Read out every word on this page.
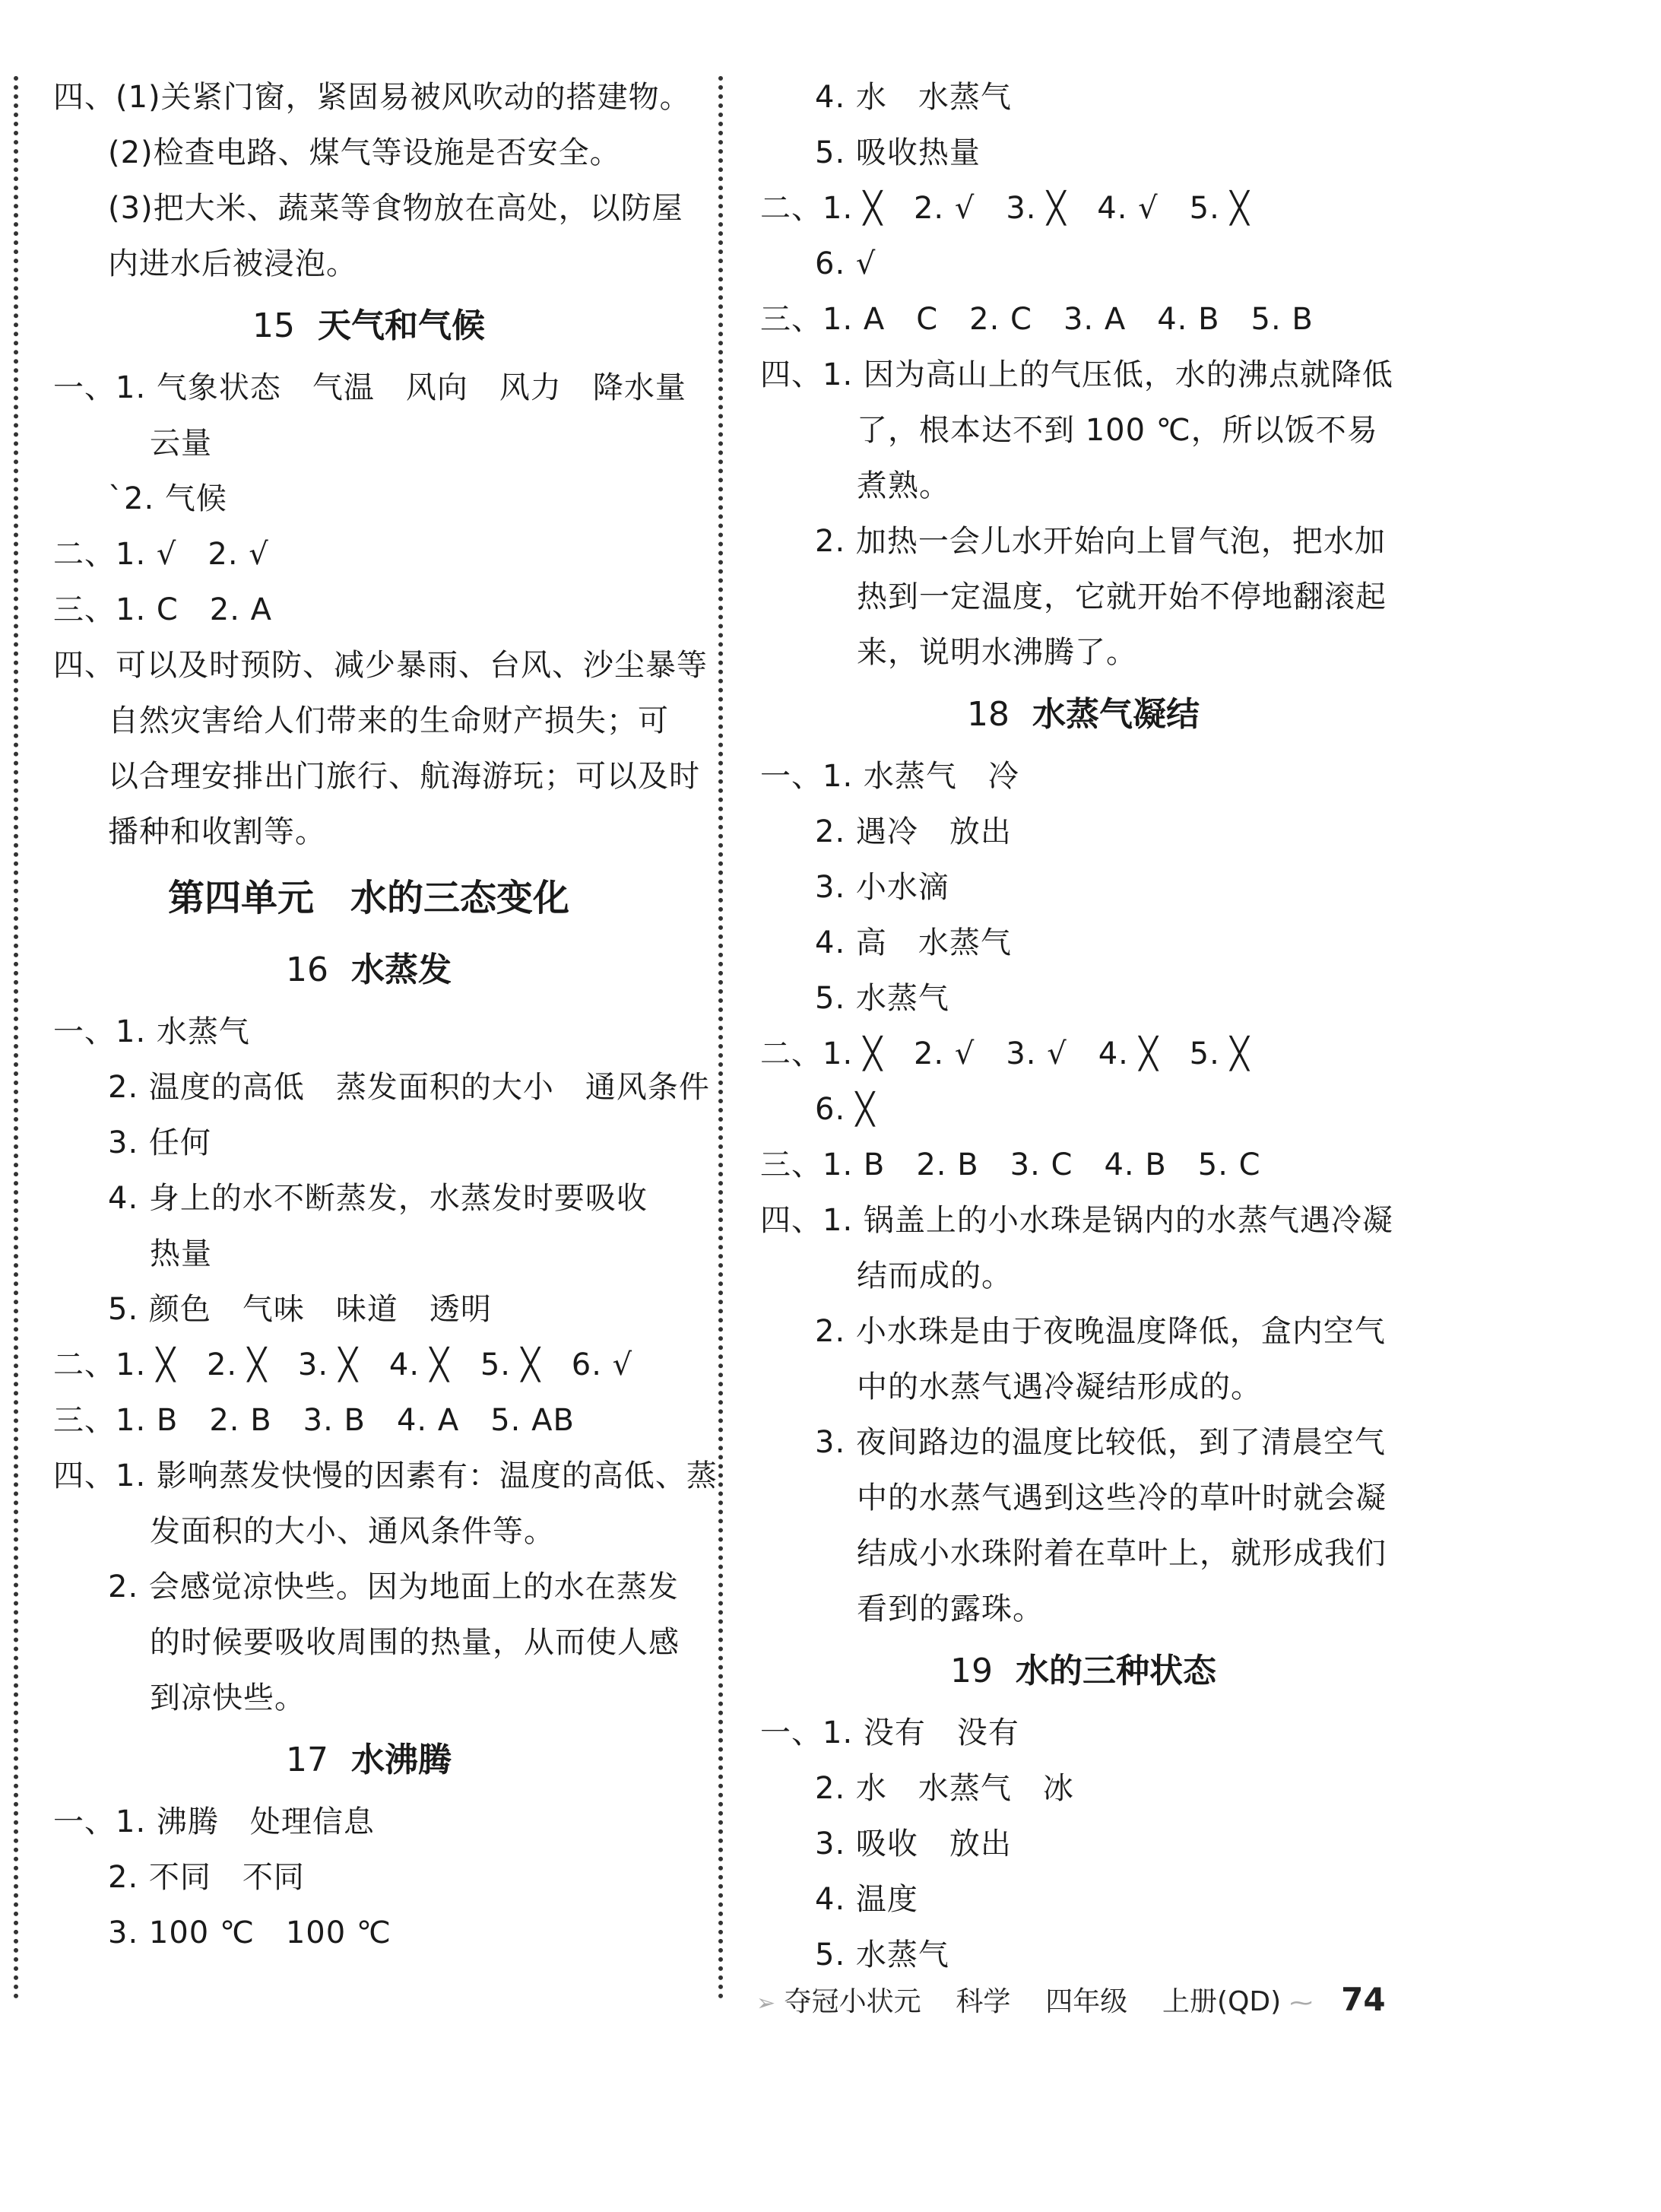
四、(1)关紧门窗，紧固易被风吹动的搭建物。
(2)检查电路、煤气等设施是否安全。
(3)把大米、蔬菜等食物放在高处，以防屋
内进水后被浸泡。
15 天气和气候
一、1. 气象状态　气温　风向　风力　降水量
云量
ˋ2. 气候
二、1. √　2. √
三、1. C　2. A
四、可以及时预防、减少暴雨、台风、沙尘暴等
自然灾害给人们带来的生命财产损失；可
以合理安排出门旅行、航海游玩；可以及时
播种和收割等。
第四单元　水的三态变化
16 水蒸发
一、1. 水蒸气
2. 温度的高低　蒸发面积的大小　通风条件
3. 任何
4. 身上的水不断蒸发，水蒸发时要吸收
热量
5. 颜色　气味　味道　透明
二、1. ╳　2. ╳　3. ╳　4. ╳　5. ╳　6. √
三、1. B　2. B　3. B　4. A　5. AB
四、1. 影响蒸发快慢的因素有：温度的高低、蒸
发面积的大小、通风条件等。
2. 会感觉凉快些。因为地面上的水在蒸发
的时候要吸收周围的热量，从而使人感
到凉快些。
17 水沸腾
一、1. 沸腾　处理信息
2. 不同　不同
3. 100 ℃　100 ℃
4. 水　水蒸气
5. 吸收热量
二、1. ╳　2. √　3. ╳　4. √　5. ╳
6. √
三、1. A　C　2. C　3. A　4. B　5. B
四、1. 因为高山上的气压低，水的沸点就降低
了，根本达不到 100 ℃，所以饭不易
煮熟。
2. 加热一会儿水开始向上冒气泡，把水加
热到一定温度，它就开始不停地翻滚起
来，说明水沸腾了。
18 水蒸气凝结
一、1. 水蒸气　冷
2. 遇冷　放出
3. 小水滴
4. 高　水蒸气
5. 水蒸气
二、1. ╳　2. √　3. √　4. ╳　5. ╳
6. ╳
三、1. B　2. B　3. C　4. B　5. C
四、1. 锅盖上的小水珠是锅内的水蒸气遇冷凝
结而成的。
2. 小水珠是由于夜晚温度降低，盒内空气
中的水蒸气遇冷凝结形成的。
3. 夜间路边的温度比较低，到了清晨空气
中的水蒸气遇到这些冷的草叶时就会凝
结成小水珠附着在草叶上，就形成我们
看到的露珠。
19 水的三种状态
一、1. 没有　没有
2. 水　水蒸气　冰
3. 吸收　放出
4. 温度
5. 水蒸气
➢ 夺冠小状元 科学 四年级 上册(QD) ⁓ 74
